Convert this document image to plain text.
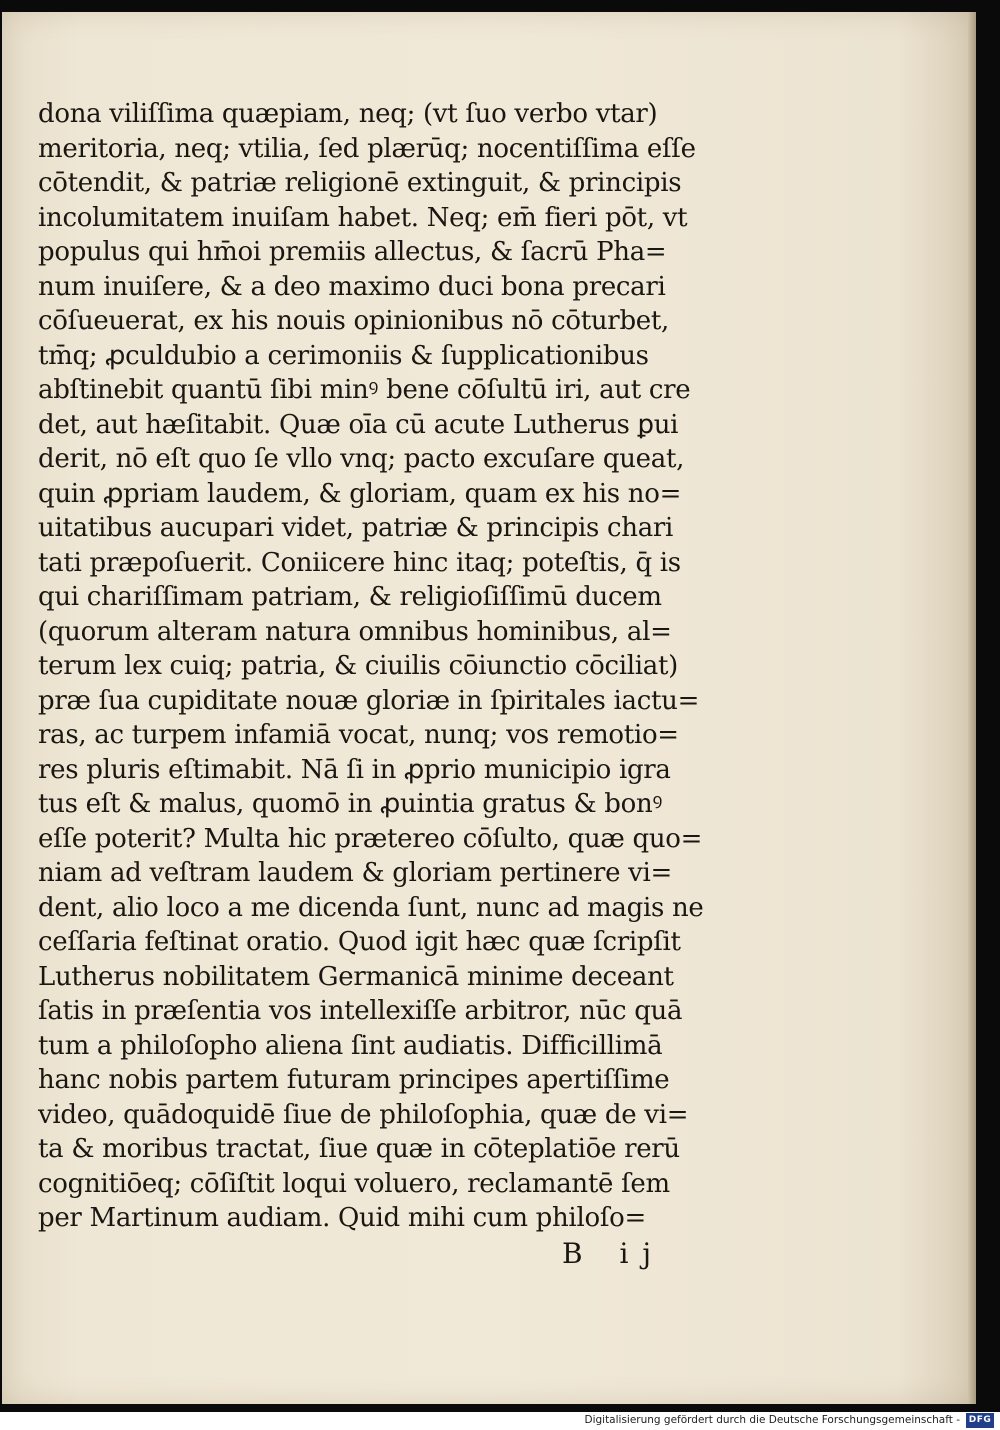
dona viliſſima quæpiam, neq; (vt ſuo verbo vtar)
meritoria, neq; vtilia, ſed plærūq; nocentiſſima eſſe
cōtendit, & patriæ religionē extinguit, & principis
incolumitatem inuiſam habet. Neq; em̄ fieri pōt, vt
populus qui hm̄oi premiis allectus, & ſacrū Pha=
num inuiſere, & a deo maximo duci bona precari
cōſueuerat, ex his nouis opinionibus nō cōturbet,
tm̄q; ꝓculdubio a cerimoniis & ſupplicationibus
abſtinebit quantū ſibi minꝰ bene cōſultū iri, aut cre
det, aut hæſitabit. Quæ oīa cū acute Lutherus ꝑui
derit, nō eſt quo ſe vllo vnq; pacto excuſare queat,
quin ꝓpriam laudem, & gloriam, quam ex his no=
uitatibus aucupari videt, patriæ & principis chari
tati præpoſuerit. Coniicere hinc itaq; poteſtis, q̄ is
qui chariſſimam patriam, & religioſiſſimū ducem
(quorum alteram natura omnibus hominibus, al=
terum lex cuiq; patria, & ciuilis cōiunctio cōciliat)
præ ſua cupiditate nouæ gloriæ in ſpiritales iactu=
ras, ac turpem infamiā vocat, nunq; vos remotio=
res pluris eſtimabit. Nā ſi in ꝓprio municipio igra
tus eſt & malus, quomō in ꝓuintia gratus & bonꝰ
eſſe poterit? Multa hic prætereo cōſulto, quæ quo=
niam ad veſtram laudem & gloriam pertinere vi=
dent, alio loco a me dicenda ſunt, nunc ad magis ne
ceſſaria feſtinat oratio. Quod igit hæc quæ ſcripſit
Lutherus nobilitatem Germanicā minime deceant
ſatis in præſentia vos intellexiſſe arbitror, nūc quā
tum a philoſopho aliena ſint audiatis. Difficillimā
hanc nobis partem futuram principes apertiſſime
video, quādoquidē ſiue de philoſophia, quæ de vi=
ta & moribus tractat, ſiue quæ in cōteplatiōe rerū
cognitiōeq; cōſiſtit loqui voluero, reclamantē ſem
per Martinum audiam. Quid mihi cum philoſo=
B ij
Digitalisierung gefördert durch die Deutsche Forschungsgemeinschaft - DFG
